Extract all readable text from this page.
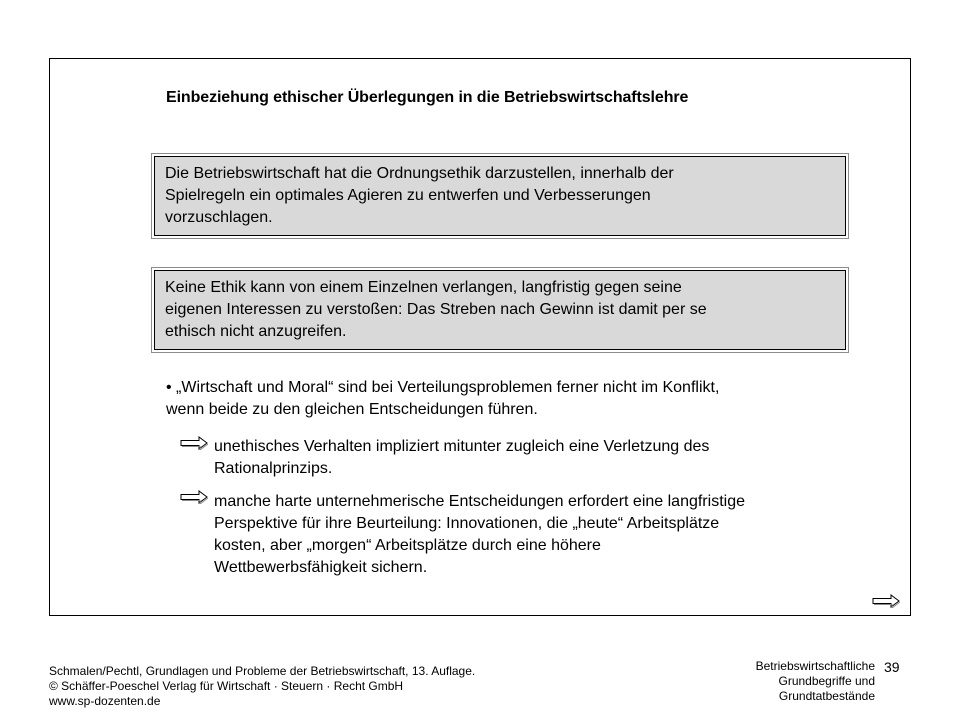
Einbeziehung ethischer Überlegungen in die Betriebswirtschaftslehre
Die Betriebswirtschaft hat die Ordnungsethik darzustellen, innerhalb der
Spielregeln ein optimales Agieren zu entwerfen und Verbesserungen
vorzuschlagen.
Keine Ethik kann von einem Einzelnen verlangen, langfristig gegen seine
eigenen Interessen zu verstoßen: Das Streben nach Gewinn ist damit per se
ethisch nicht anzugreifen.
• „Wirtschaft und Moral“ sind bei Verteilungsproblemen ferner nicht im Konflikt,
wenn beide zu den gleichen Entscheidungen führen.
unethisches Verhalten impliziert mitunter zugleich eine Verletzung des
Rationalprinzips.
manche harte unternehmerische Entscheidungen erfordert eine langfristige
Perspektive für ihre Beurteilung: Innovationen, die „heute“ Arbeitsplätze
kosten, aber „morgen“ Arbeitsplätze durch eine höhere
Wettbewerbsfähigkeit sichern.
Schmalen/Pechtl, Grundlagen und Probleme der Betriebswirtschaft, 13. Auflage.
© Schäffer-Poeschel Verlag für Wirtschaft · Steuern · Recht GmbH
www.sp-dozenten.de
Betriebswirtschaftliche
Grundbegriffe und
Grundtatbestände
39
